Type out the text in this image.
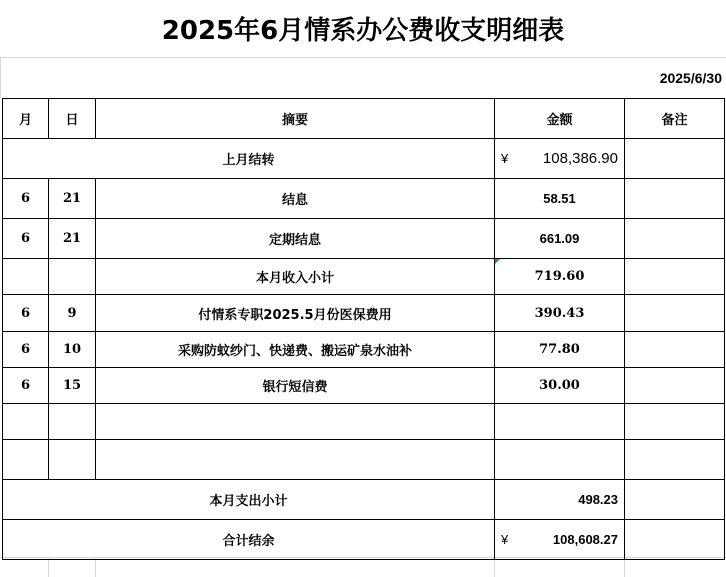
2025年6月情系办公费收支明细表
2025/6/30
月	日	摘要	金额	备注
上月结转			¥ 108,386.90	

6	21	结息	58.51	
6	21	定期结息	661.09	
		本月收入小计	719.60	
6	9	付情系专职2025.5月份医保费用	390.43	
6	10	采购防蚊纱门、快递费、搬运矿泉水油补	77.80	
6	15	银行短信费	30.00	

本月支出小计			498.23	

合计结余			¥ 108,608.27	
